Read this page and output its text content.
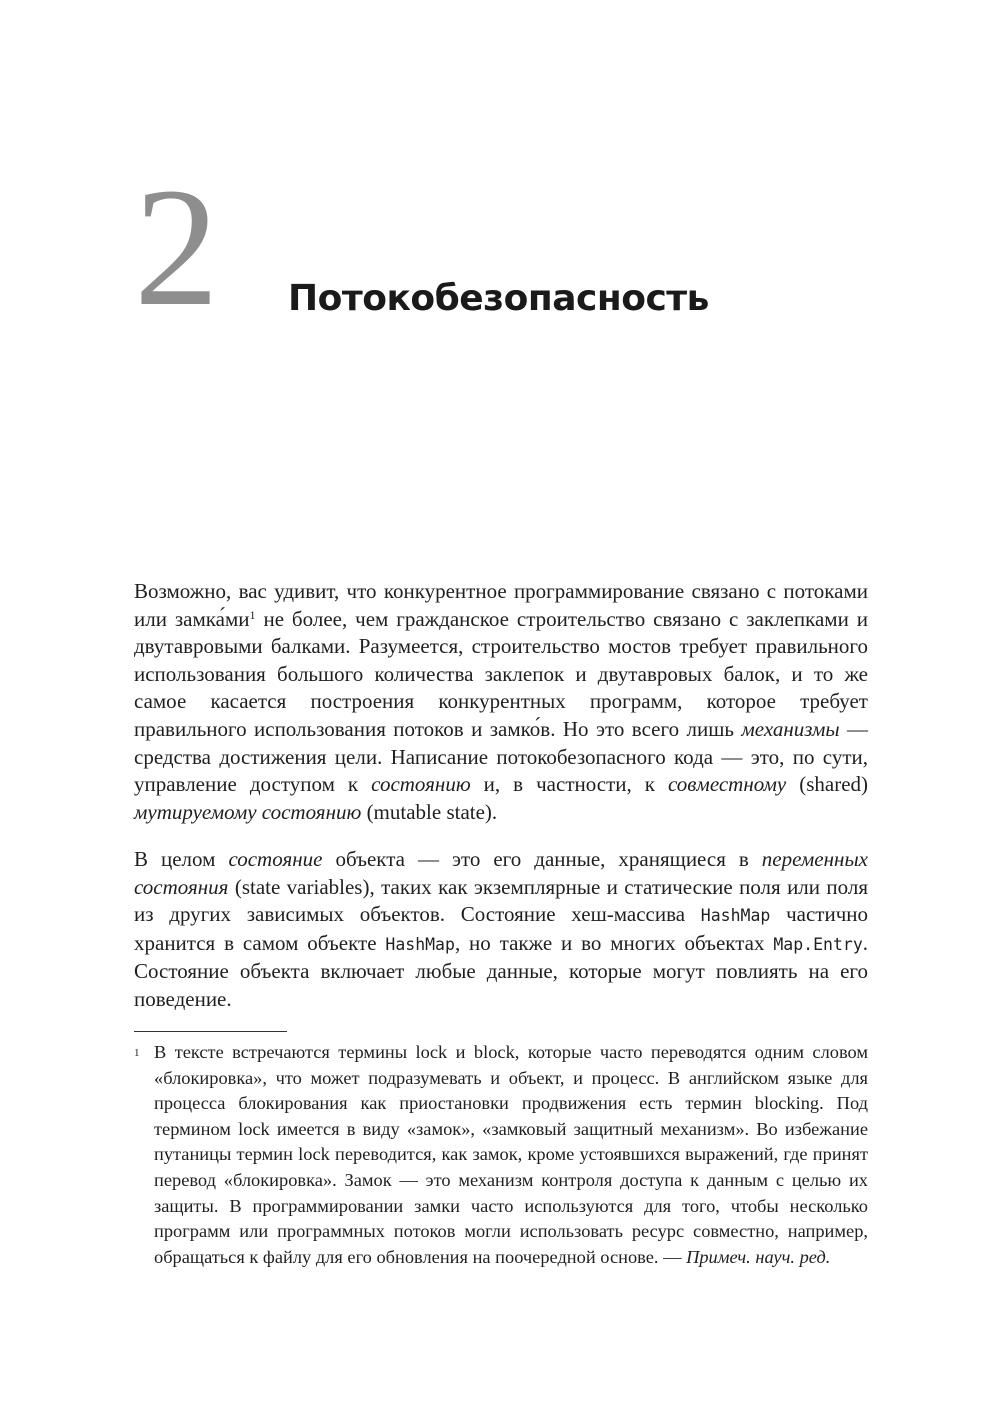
2 Потокобезопасность

Возможно, вас удивит, что конкурентное программирование связано с потоками или $замка́ми^1$ не более, чем гражданское строительство связано с заклепками и двутавровыми балками. Разумеется, строительство мостов требует правильного использования большого количества заклепок и двутавровых балок, и то же самое касается построения конкурентных программ, которое требует правильного использования потоков и замко́в. Но это всего лишь механизмы — средства достижения цели. Написание потокобезопасного кода — это, по сути, управление доступом к состоянию и, в частности, к совместному (shared) мутируемому состоянию (mutable state).

В целом состояние объекта — это его данные, хранящиеся в переменных состояния (state variables), таких как экземплярные и статические поля или поля из других зависимых объектов. Состояние хеш-массива HashMap частично хранится в самом объекте HashMap, но также и во многих объектах Map.Entry. Состояние объекта включает любые данные, которые могут повлиять на его поведение.

1 В тексте встречаются термины lock и block, которые часто переводятся одним словом «блокировка», что может подразумевать и объект, и процесс. В английском языке для процесса блокирования как приостановки продвижения есть термин blocking. Под термином lock имеется в виду «замок», «замковый защитный механизм». Во избежание путаницы термин lock переводится, как замок, кроме устоявшихся выражений, где принят перевод «блокировка». Замок — это механизм контроля доступа к данным с целью их защиты. В программировании замки часто используются для того, чтобы несколько программ или программных потоков могли использовать ресурс совместно, например, обращаться к файлу для его обновления на поочередной основе. — Примеч. науч. ред.
